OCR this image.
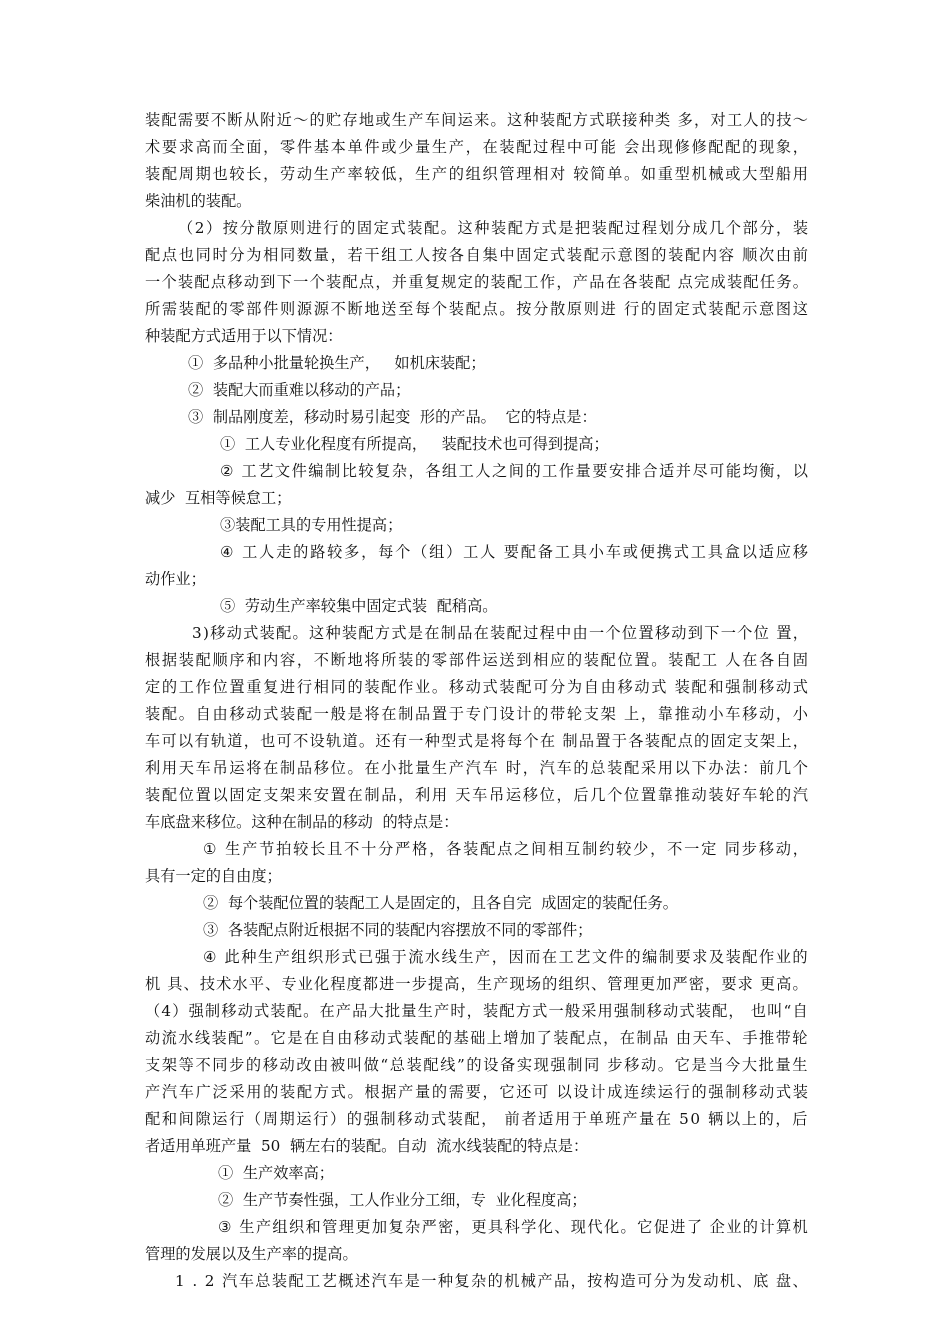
装 配 需 要 不 断 从 附 近 ～ 的 贮 存 地 或 生 产 车 间 运 来 。 这 种 装 配 方 式 联 接 种 类
多 ， 对 工 人 的 技 ～
术 要 求 高 而 全 面 ， 零 件 基 本 单 件 或 少 量 生 产 ， 在 装 配 过 程 中 可 能
会 出 现 修 修 配 配 的 现 象 ，
装 配 周 期 也 较 长 ， 劳 动 生 产 率 较 低 ， 生 产 的 组 织 管 理 相 对
较 简 单 。 如 重 型 机 械 或 大 型 船 用
柴油机的装配。
（ 2 ） 按 分 散 原 则 进 行 的 固 定 式 装 配 。 这 种 装 配 方 式 是 把 装 配 过 程 划 分 成 几 个 部 分 ， 装
配 点 也 同 时 分 为 相 同 数 量 ， 若 干 组 工 人 按 各 自 集 中 固 定 式 装 配 示 意 图 的 装 配 内 容
顺 次 由 前
一 个 装 配 点 移 动 到 下 一 个 装 配 点 ， 并 重 复 规 定 的 装 配 工 作 ， 产 品 在 各 装 配
点 完 成 装 配 任 务 。
所 需 装 配 的 零 部 件 则 源 源 不 断 地 送 至 每 个 装 配 点 。 按 分 散 原 则 进
行 的 固 定 式 装 配 示 意 图 这
种装配方式适用于以下情况：
①  多品种小批量轮换生产，   如机床装配；
②  装配大而重难以移动的产品；
③  制品刚度差，移动时易引起变  形的产品。  它的特点是：
①  工人专业化程度有所提高，   装配技术也可得到提高；
②
工 艺 文 件 编 制 比 较 复 杂 ， 各 组 工 人 之 间 的 工 作 量 要 安 排 合 适 并 尽 可 能 均 衡 ， 以
减少  互相等候怠工；
③装配工具的专用性提高；
④
工 人 走 的 路 较 多 ， 每 个 （ 组 ） 工 人
要 配 备 工 具 小 车 或 便 携 式 工 具 盒 以 适 应 移
动作业；
⑤  劳动生产率较集中固定式装  配稍高。
3 ) 移 动 式 装 配 。 这 种 装 配 方 式 是 在 制 品 在 装 配 过 程 中 由 一 个 位 置 移 动 到 下 一 个 位
置 ，
根 据 装 配 顺 序 和 内 容 ， 不 断 地 将 所 装 的 零 部 件 运 送 到 相 应 的 装 配 位 置 。 装 配 工
人 在 各 自 固
定 的 工 作 位 置 重 复 进 行 相 同 的 装 配 作 业 。 移 动 式 装 配 可 分 为 自 由 移 动 式
装 配 和 强 制 移 动 式
装 配 。 自 由 移 动 式 装 配 一 般 是 将 在 制 品 置 于 专 门 设 计 的 带 轮 支 架
上 ， 靠 推 动 小 车 移 动 ， 小
车 可 以 有 轨 道 ， 也 可 不 设 轨 道 。 还 有 一 种 型 式 是 将 每 个 在
制 品 置 于 各 装 配 点 的 固 定 支 架 上 ，
利 用 天 车 吊 运 将 在 制 品 移 位 。 在 小 批 量 生 产 汽 车
时 ， 汽 车 的 总 装 配 采 用 以 下 办 法 ： 前 几 个
装 配 位 置 以 固 定 支 架 来 安 置 在 制 品 ， 利 用
天 车 吊 运 移 位 ， 后 几 个 位 置 靠 推 动 装 好 车 轮 的 汽
车底盘来移位。这种在制品的移动  的特点是：
①
生 产 节 拍 较 长 且 不 十 分 严 格 ， 各 装 配 点 之 间 相 互 制 约 较 少 ， 不 一 定
同 步 移 动 ，
具有一定的自由度；
②  每个装配位置的装配工人是固定的，且各自完  成固定的装配任务。
③  各装配点附近根据不同的装配内容摆放不同的零部件；
④
此 种 生 产 组 织 形 式 已 强 于 流 水 线 生 产 ， 因 而 在 工 艺 文 件 的 编 制 要 求 及 装 配 作 业 的
机
具 、 技 术 水 平 、 专 业 化 程 度 都 进 一 步 提 高 ， 生 产 现 场 的 组 织 、 管 理 更 加 严 密 ， 要 求
更 高 。
（ 4 ） 强 制 移 动 式 装 配 。 在 产 品 大 批 量 生 产 时 ， 装 配 方 式 一 般 采 用 强 制 移 动 式 装 配 ，
也 叫 “ 自
动 流 水 线 装 配 ” 。 它 是 在 自 由 移 动 式 装 配 的 基 础 上 增 加 了 装 配 点 ， 在 制 品
由 天 车 、 手 推 带 轮
支 架 等 不 同 步 的 移 动 改 由 被 叫 做 “ 总 装 配 线 ” 的 设 备 实 现 强 制 同
步 移 动 。 它 是 当 今 大 批 量 生
产 汽 车 广 泛 采 用 的 装 配 方 式 。 根 据 产 量 的 需 要 ， 它 还 可
以 设 计 成 连 续 运 行 的 强 制 移 动 式 装
配 和 间 隙 运 行 （ 周 期 运 行 ） 的 强 制 移 动 式 装 配 ，
前 者 适 用 于 单 班 产 量 在
5 0
辆 以 上 的 ， 后
者适用单班产量  50  辆左右的装配。自动  流水线装配的特点是：
①  生产效率高；
②  生产节奏性强，工人作业分工细，专  业化程度高；
③
生 产 组 织 和 管 理 更 加 复 杂 严 密 ， 更 具 科 学 化 、 现 代 化 。 它 促 进 了
企 业 的 计 算 机
管理的发展以及生产率的提高。
1
.
2
汽 车 总 装 配 工 艺 概 述 汽 车 是 一 种 复 杂 的 机 械 产 品 ， 按 构 造 可 分 为 发 动 机 、 底
盘 、
